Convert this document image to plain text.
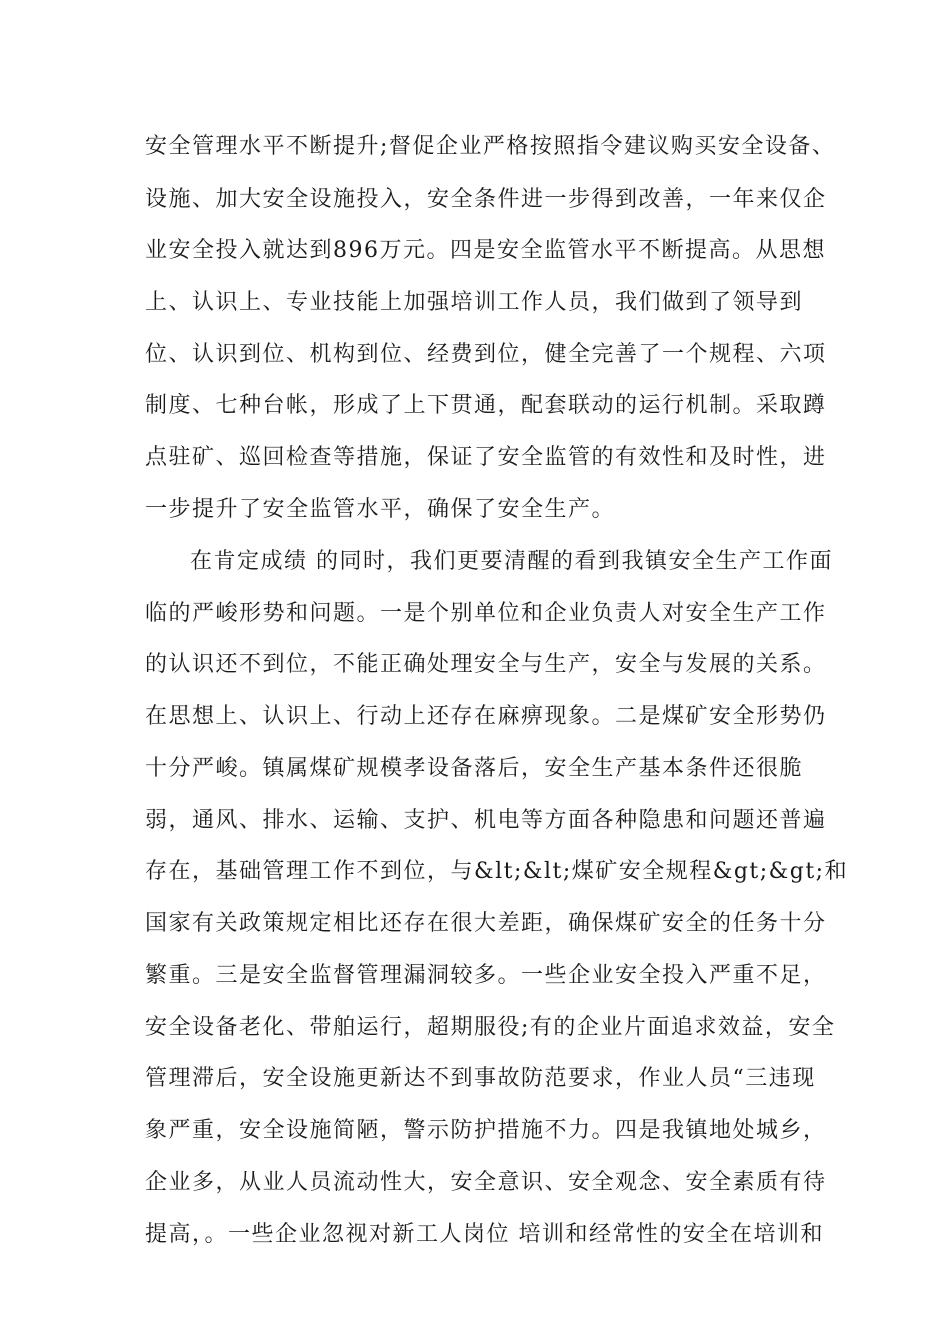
安全管理水平不断提升;督促企业严格按照指令建议购买安全设备、
设施、加大安全设施投入，安全条件进一步得到改善，一年来仅企
业安全投入就达到896万元。四是安全监管水平不断提高。从思想
上、认识上、专业技能上加强培训工作人员，我们做到了领导到
位、认识到位、机构到位、经费到位，健全完善了一个规程、六项
制度、七种台帐，形成了上下贯通，配套联动的运行机制。采取蹲
点驻矿、巡回检查等措施，保证了安全监管的有效性和及时性，进
一步提升了安全监管水平，确保了安全生产。
在肯定成绩 的同时，我们更要清醒的看到我镇安全生产工作面
临的严峻形势和问题。一是个别单位和企业负责人对安全生产工作
的认识还不到位，不能正确处理安全与生产，安全与发展的关系。
在思想上、认识上、行动上还存在麻痹现象。二是煤矿安全形势仍
十分严峻。镇属煤矿规模孝设备落后，安全生产基本条件还很脆
弱，通风、排水、运输、支护、机电等方面各种隐患和问题还普遍
存在，基础管理工作不到位，与&lt;&lt;煤矿安全规程&gt;&gt;和
国家有关政策规定相比还存在很大差距，确保煤矿安全的任务十分
繁重。三是安全监督管理漏洞较多。一些企业安全投入严重不足，
安全设备老化、带舶运行，超期服役;有的企业片面追求效益，安全
管理滞后，安全设施更新达不到事故防范要求，作业人员“三违现
象严重，安全设施简陋，警示防护措施不力。四是我镇地处城乡，
企业多，从业人员流动性大，安全意识、安全观念、安全素质有待
提高，。一些企业忽视对新工人岗位 培训和经常性的安全在培训和
